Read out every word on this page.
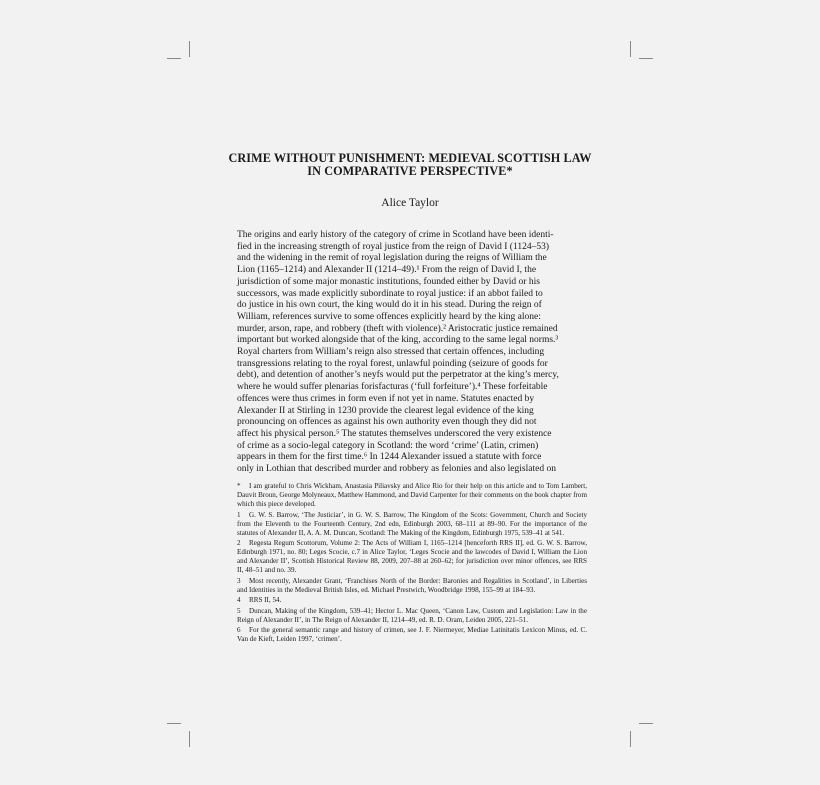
CRIME WITHOUT PUNISHMENT: MEDIEVAL SCOTTISH LAW
IN COMPARATIVE PERSPECTIVE*
Alice Taylor

The origins and early history of the category of crime in Scotland have been identi-

fied in the increasing strength of royal justice from the reign of David I (1124–53)

and the widening in the remit of royal legislation during the reigns of William the

Lion (1165–1214) and Alexander II (1214–49).¹ From the reign of David I, the

jurisdiction of some major monastic institutions, founded either by David or his

successors, was made explicitly subordinate to royal justice: if an abbot failed to

do justice in his own court, the king would do it in his stead. During the reign of

William, references survive to some offences explicitly heard by the king alone:

murder, arson, rape, and robbery (theft with violence).² Aristocratic justice remained

important but worked alongside that of the king, according to the same legal norms.³

Royal charters from William’s reign also stressed that certain offences, including

transgressions relating to the royal forest, unlawful poinding (seizure of goods for

debt), and detention of another’s neyfs would put the perpetrator at the king’s mercy,

where he would suffer plenarias forisfacturas (‘full forfeiture’).⁴ These forfeitable

offences were thus crimes in form even if not yet in name. Statutes enacted by

Alexander II at Stirling in 1230 provide the clearest legal evidence of the king

pronouncing on offences as against his own authority even though they did not

affect his physical person.⁵ The statutes themselves underscored the very existence

of crime as a socio-legal category in Scotland: the word ‘crime’ (Latin, crimen)

appears in them for the first time.⁶ In 1244 Alexander issued a statute with force

only in Lothian that described murder and robbery as felonies and also legislated on

* I am grateful to Chris Wickham, Anastasia Piliavsky and Alice Rio for their help on this article and to Tom Lambert, Dauvit Broun, George Molyneaux, Matthew Hammond, and David Carpenter for their comments on the book chapter from which this piece developed.

1 G. W. S. Barrow, ‘The Justiciar’, in G. W. S. Barrow, The Kingdom of the Scots: Government, Church and Society from the Eleventh to the Fourteenth Century, 2nd edn, Edinburgh 2003, 68–111 at 89–90. For the importance of the statutes of Alexander II, A. A. M. Duncan, Scotland: The Making of the Kingdom, Edinburgh 1975, 539–41 at 541.

2 Regesta Regum Scottorum, Volume 2: The Acts of William I, 1165–1214 [henceforth RRS II], ed. G. W. S. Barrow, Edinburgh 1971, no. 80; Leges Scocie, c.7 in Alice Taylor, ‘Leges Scocie and the lawcodes of David I, William the Lion and Alexander II’, Scottish Historical Review 88, 2009, 207–88 at 260–62; for jurisdiction over minor offences, see RRS II, 48–51 and no. 39.

3 Most recently, Alexander Grant, ‘Franchises North of the Border: Baronies and Regalities in Scotland’, in Liberties and Identities in the Medieval British Isles, ed. Michael Prestwich, Woodbridge 1998, 155–99 at 184–93.

4 RRS II, 54.

5 Duncan, Making of the Kingdom, 539–41; Hector L. Mac Queen, ‘Canon Law, Custom and Legislation: Law in the Reign of Alexander II’, in The Reign of Alexander II, 1214–49, ed. R. D. Oram, Leiden 2005, 221–51.

6 For the general semantic range and history of crimen, see J. F. Niermeyer, Mediae Latinitatis Lexicon Minus, ed. C. Van de Kieft, Leiden 1997, ‘crimen’.
